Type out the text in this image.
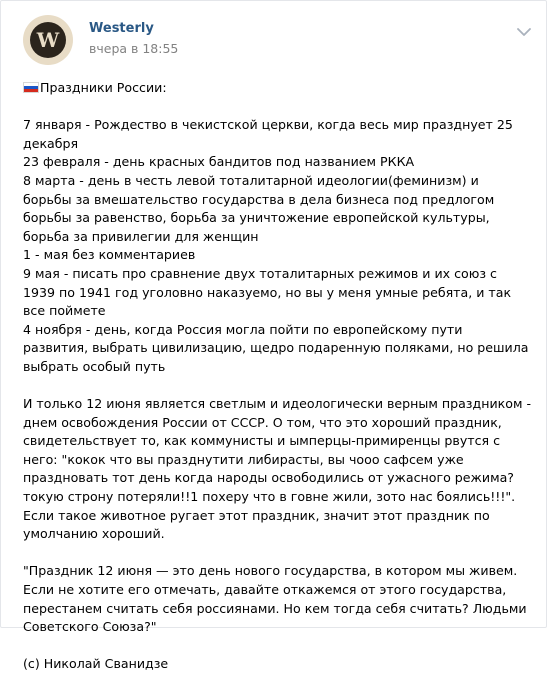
W	Westerly
вчера в 18:55

Праздники России:

7 января - Рождество в чекистской церкви, когда весь мир празднует 25 декабря

23 февраля - день красных бандитов под названием РККА

8 марта - день в честь левой тоталитарной идеологии(феминизм) и борьбы за вмешательство государства в дела бизнеса под предлогом борьбы за равенство, борьба за уничтожение европейской культуры, борьба за привилегии для женщин

1 - мая без комментариев

9 мая - писать про сравнение двух тоталитарных режимов и их союз с 1939 по 1941 год уголовно наказуемо, но вы у меня умные ребята, и так все поймете

4 ноября - день, когда Россия могла пойти по европейскому пути развития, выбрать цивилизацию, щедро подаренную поляками, но решила выбрать особый путь

И только 12 июня является светлым и идеологически верным праздником - днем освобождения России от СССР. О том, что это хороший праздник, свидетельствует то, как коммунисты и ымперцы-примиренцы рвутся с него: "кокок что вы празднутити либирасты, вы чооо сафсем уже праздновать тот день когда народы освободились от ужасного режима? токую строну потеряли!!1 похеру что в говне жили, зото нас боялись!!!". Если такое животное ругает этот праздник, значит этот праздник по умолчанию хороший.

"Праздник 12 июня — это день нового государства, в котором мы живем. Если не хотите его отмечать, давайте откажемся от этого государства, перестанем считать себя россиянами. Но кем тогда себя считать? Людьми Советского Союза?"

(c) Николай Сванидзе
